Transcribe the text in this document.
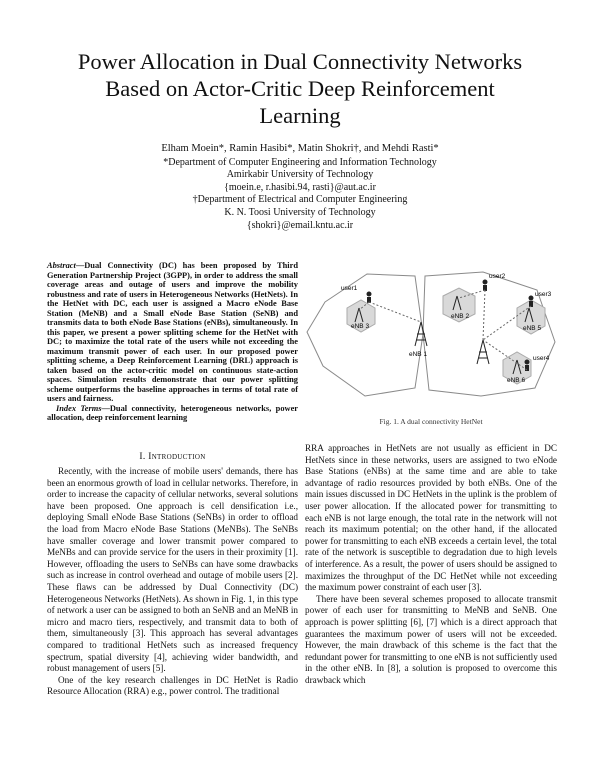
Power Allocation in Dual Connectivity Networks
Based on Actor-Critic Deep Reinforcement
Learning
Elham Moein*, Ramin Hasibi*, Matin Shokri†, and Mehdi Rasti*
*Department of Computer Engineering and Information Technology
Amirkabir University of Technology
{moein.e, r.hasibi.94, rasti}@aut.ac.ir
†Department of Electrical and Computer Engineering
K. N. Toosi University of Technology
{shokri}@email.kntu.ac.ir
Abstract—Dual Connectivity (DC) has been proposed by Third Generation Partnership Project (3GPP), in order to address the small coverage areas and outage of users and improve the mobility robustness and rate of users in Heterogeneous Networks (HetNets). In the HetNet with DC, each user is assigned a Macro eNode Base Station (MeNB) and a Small eNode Base Station (SeNB) and transmits data to both eNode Base Stations (eNBs), simultaneously. In this paper, we present a power splitting scheme for the HetNet with DC; to maximize the total rate of the users while not exceeding the maximum transmit power of each user. In our proposed power splitting scheme, a Deep Reinforcement Learning (DRL) approach is taken based on the actor-critic model on continuous state-action spaces. Simulation results demonstrate that our power splitting scheme outperforms the baseline approaches in terms of total rate of users and fairness.
Index Terms—Dual connectivity, heterogeneous networks, power allocation, deep reinforcement learning
user1
user2
user3
user4
eNB 3
eNB 1
eNB 2
eNB 5
eNB 6
Fig. 1. A dual connectivity HetNet
I. Introduction

Recently, with the increase of mobile users' demands, there has been an enormous growth of load in cellular networks. Therefore, in order to increase the capacity of cellular networks, several solutions have been proposed. One approach is cell densification i.e., deploying Small eNode Base Stations (SeNBs) in order to offload the load from Macro eNode Base Stations (MeNBs). The SeNBs have smaller coverage and lower transmit power compared to MeNBs and can provide service for the users in their proximity [1]. However, offloading the users to SeNBs can have some drawbacks such as increase in control overhead and outage of mobile users [2]. These flaws can be addressed by Dual Connectivity (DC) Heterogeneous Networks (HetNets). As shown in Fig. 1, in this type of network a user can be assigned to both an SeNB and an MeNB in micro and macro tiers, respectively, and transmit data to both of them, simultaneously [3]. This approach has several advantages compared to traditional HetNets such as increased frequency spectrum, spatial diversity [4], achieving wider bandwidth, and robust management of users [5].

One of the key research challenges in DC HetNet is Radio Resource Allocation (RRA) e.g., power control. The traditional

RRA approaches in HetNets are not usually as efficient in DC HetNets since in these networks, users are assigned to two eNode Base Stations (eNBs) at the same time and are able to take advantage of radio resources provided by both eNBs. One of the main issues discussed in DC HetNets in the uplink is the problem of user power allocation. If the allocated power for transmitting to each eNB is not large enough, the total rate in the network will not reach its maximum potential; on the other hand, if the allocated power for transmitting to each eNB exceeds a certain level, the total rate of the network is susceptible to degradation due to high levels of interference. As a result, the power of users should be assigned to maximizes the throughput of the DC HetNet while not exceeding the maximum power constraint of each user [3].

There have been several schemes proposed to allocate transmit power of each user for transmitting to MeNB and SeNB. One approach is power splitting [6], [7] which is a direct approach that guarantees the maximum power of users will not be exceeded. However, the main drawback of this scheme is the fact that the redundant power for transmitting to one eNB is not sufficiently used in the other eNB. In [8], a solution is proposed to overcome this drawback which
